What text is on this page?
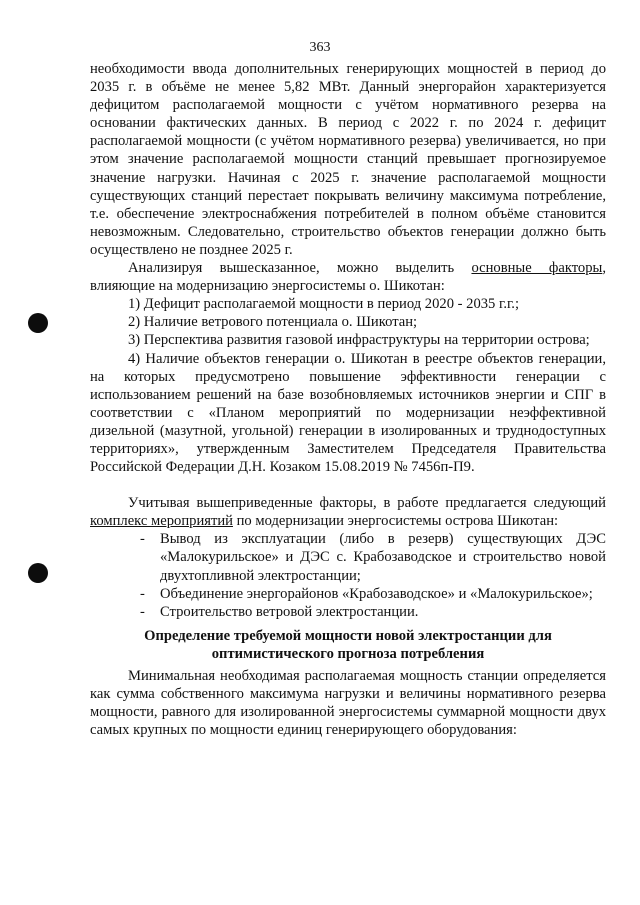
363

необходимости ввода дополнительных генерирующих мощностей в период до 2035 г. в объёме не менее 5,82 МВт. Данный энергорайон характеризуется дефицитом располагаемой мощности с учётом нормативного резерва на основании фактических данных. В период с 2022 г. по 2024 г. дефицит располагаемой мощности (с учётом нормативного резерва) увеличивается, но при этом значение располагаемой мощности станций превышает прогнозируемое значение нагрузки. Начиная с 2025 г. значение располагаемой мощности существующих станций перестает покрывать величину максимума потребление, т.е. обеспечение электроснабжения потребителей в полном объёме становится невозможным. Следовательно, строительство объектов генерации должно быть осуществлено не позднее 2025 г.

Анализируя вышесказанное, можно выделить основные факторы, влияющие на модернизацию энергосистемы о. Шикотан:

1) Дефицит располагаемой мощности в период 2020 - 2035 г.г.;

2) Наличие ветрового потенциала о. Шикотан;

3) Перспектива развития газовой инфраструктуры на территории острова;

4) Наличие объектов генерации о. Шикотан в реестре объектов генерации, на которых предусмотрено повышение эффективности генерации с использованием решений на базе возобновляемых источников энергии и СПГ в соответствии с «Планом мероприятий по модернизации неэффективной дизельной (мазутной, угольной) генерации в изолированных и труднодоступных территориях», утвержденным Заместителем Председателя Правительства Российской Федерации Д.Н. Козаком 15.08.2019 № 7456п-П9.

Учитывая вышеприведенные факторы, в работе предлагается следующий комплекс мероприятий по модернизации энергосистемы острова Шикотан:

- Вывод из эксплуатации (либо в резерв) существующих ДЭС «Малокурильское» и ДЭС с. Крабозаводское и строительство новой двухтопливной электростанции;
- Объединение энергорайонов «Крабозаводское» и «Малокурильское»;
- Строительство ветровой электростанции.
Определение требуемой мощности новой электростанции для оптимистического прогноза потребления

Минимальная необходимая располагаемая мощность станции определяется как сумма собственного максимума нагрузки и величины нормативного резерва мощности, равного для изолированной энергосистемы суммарной мощности двух самых крупных по мощности единиц генерирующего оборудования:
